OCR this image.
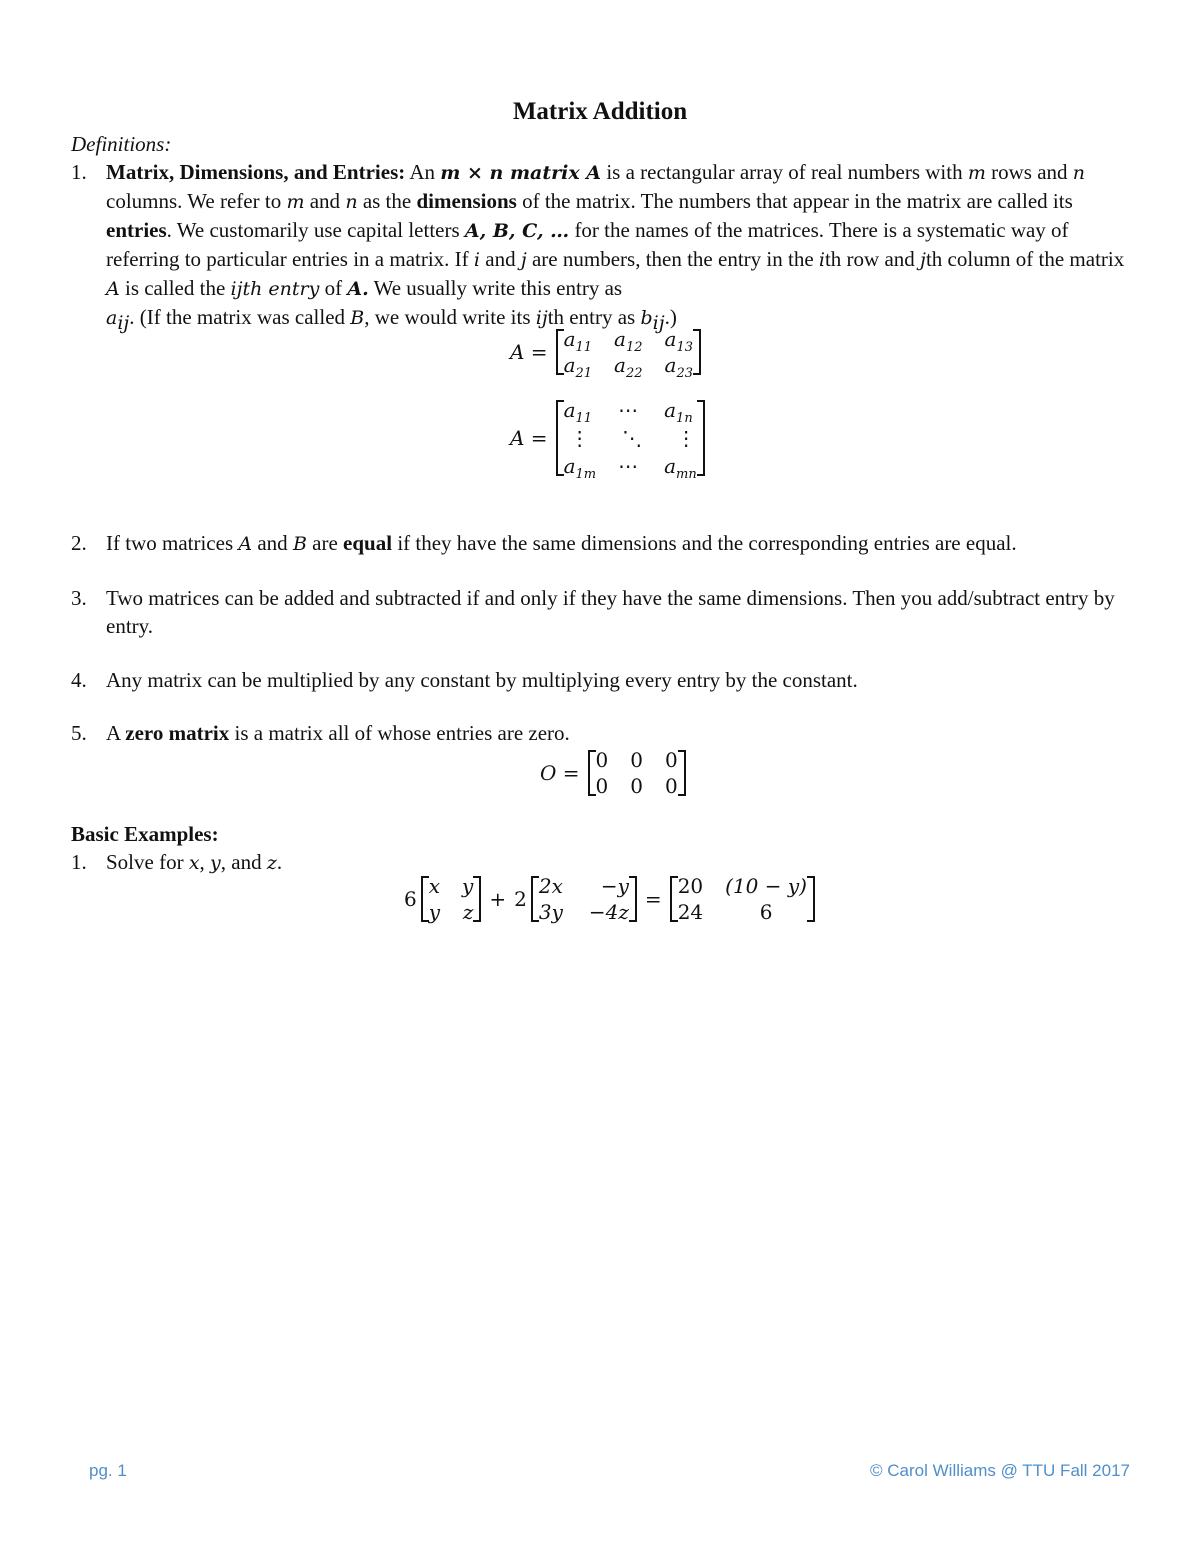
Matrix Addition
Definitions:
1. Matrix, Dimensions, and Entries: An m × n matrix A is a rectangular array of real numbers with m rows and n columns. We refer to m and n as the dimensions of the matrix. The numbers that appear in the matrix are called its entries. We customarily use capital letters A, B, C, … for the names of the matrices. There is a systematic way of referring to particular entries in a matrix. If i and j are numbers, then the entry in the ith row and jth column of the matrix A is called the ijth entry of A. We usually write this entry as
$a_{ij}$. (If the matrix was called B, we would write its ijth entry as $b_{ij}$.)
A =
$a_{11}$ $a_{12}$ $a_{13}$
$a_{21}$ $a_{22}$ $a_{23}$
A =
$a_{11}$ ⋯ $a_{1n}$
⋮	⋱	⋮
$a_{1m}$ ⋯ $a_{mn}$
2. If two matrices A and B are equal if they have the same dimensions and the corresponding entries are equal.
3. Two matrices can be added and subtracted if and only if they have the same dimensions. Then you add/subtract entry by entry.
4. Any matrix can be multiplied by any constant by multiplying every entry by the constant.
5. A zero matrix is a matrix all of whose entries are zero.
O =
0 0 0
0 0 0
Basic Examples:
1. Solve for x, y, and z.
6
x y
y z
+ 2
2x	−y
3y −4z
=
20 (10 − y)
24	6
pg. 1	© Carol Williams @ TTU Fall 2017
